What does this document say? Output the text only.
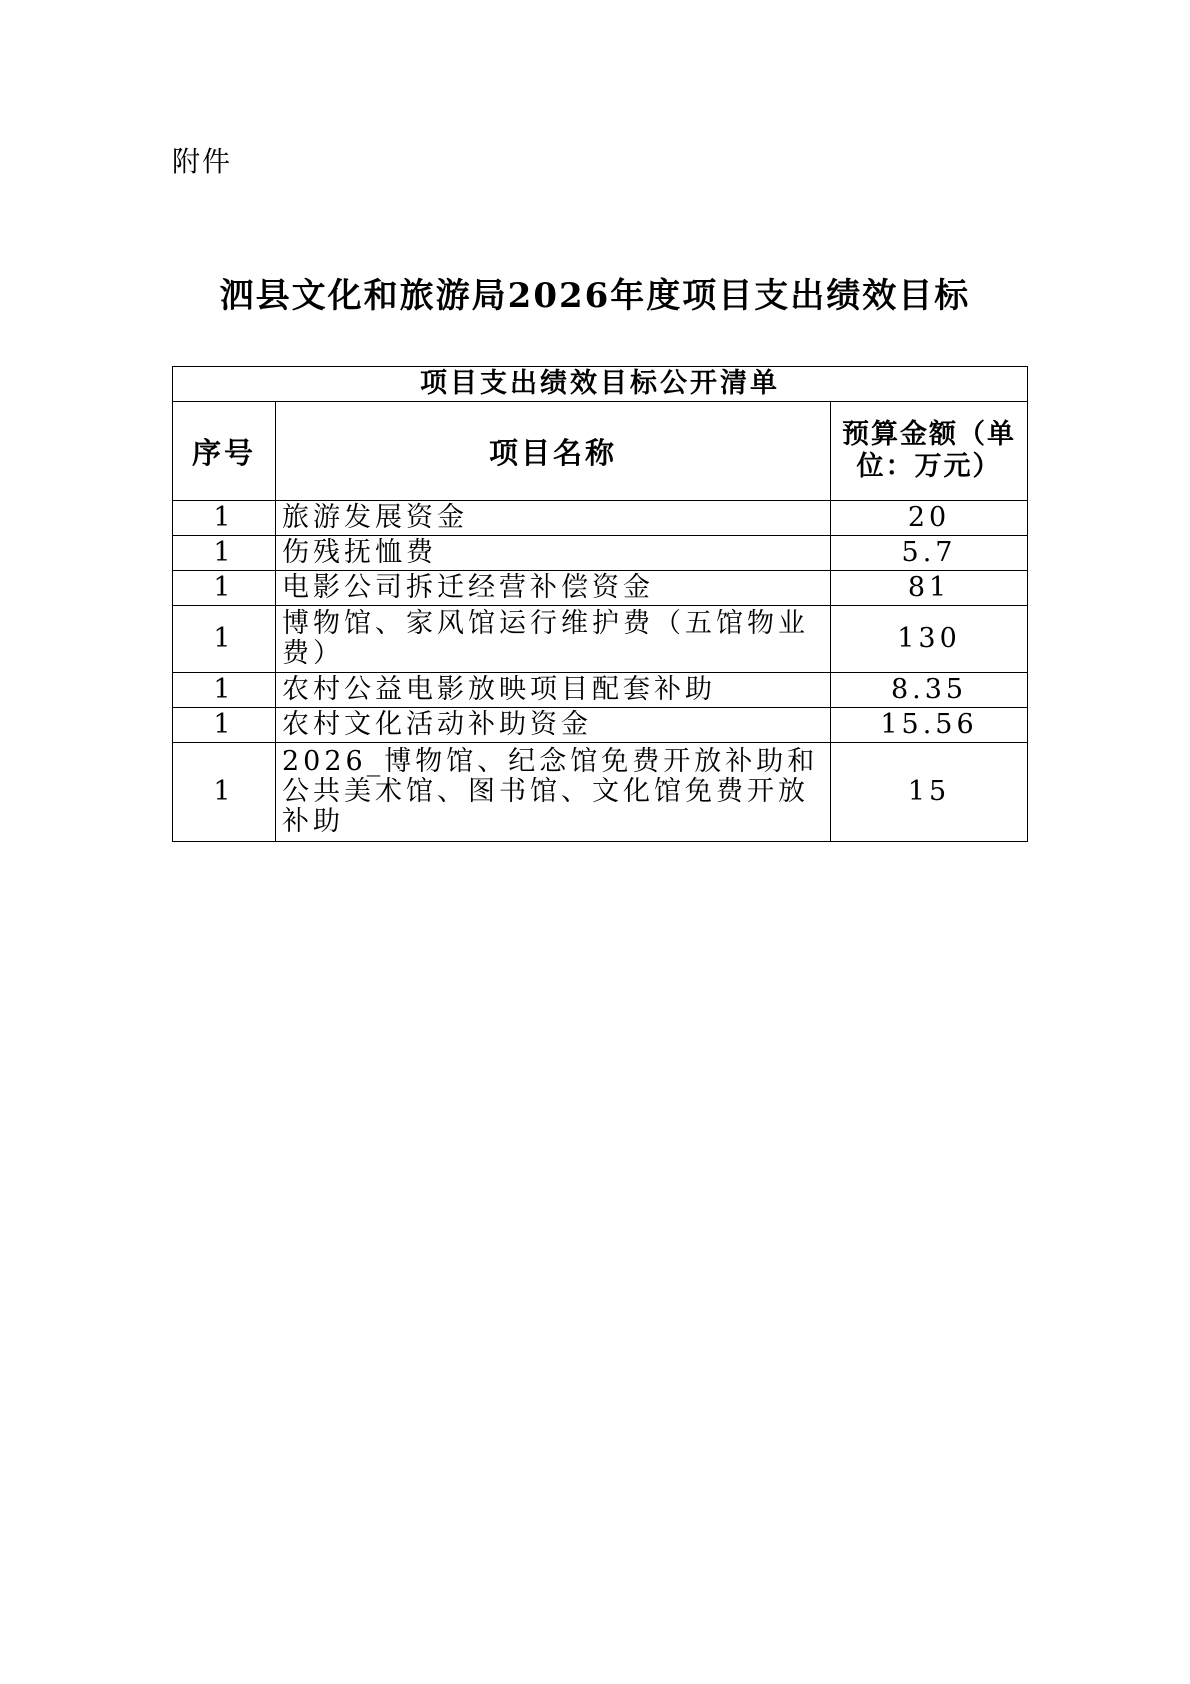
附件
泗县文化和旅游局2026年度项目支出绩效目标
项目支出绩效目标公开清单		
序号	项目名称	预算金额（单位：万元）
1	旅游发展资金	20
1	伤残抚恤费	5.7
1	电影公司拆迁经营补偿资金	81
1	博物馆、家风馆运行维护费（五馆物业费）	130
1	农村公益电影放映项目配套补助	8.35
1	农村文化活动补助资金	15.56
1	2026_博物馆、纪念馆免费开放补助和公共美术馆、图书馆、文化馆免费开放补助	15
